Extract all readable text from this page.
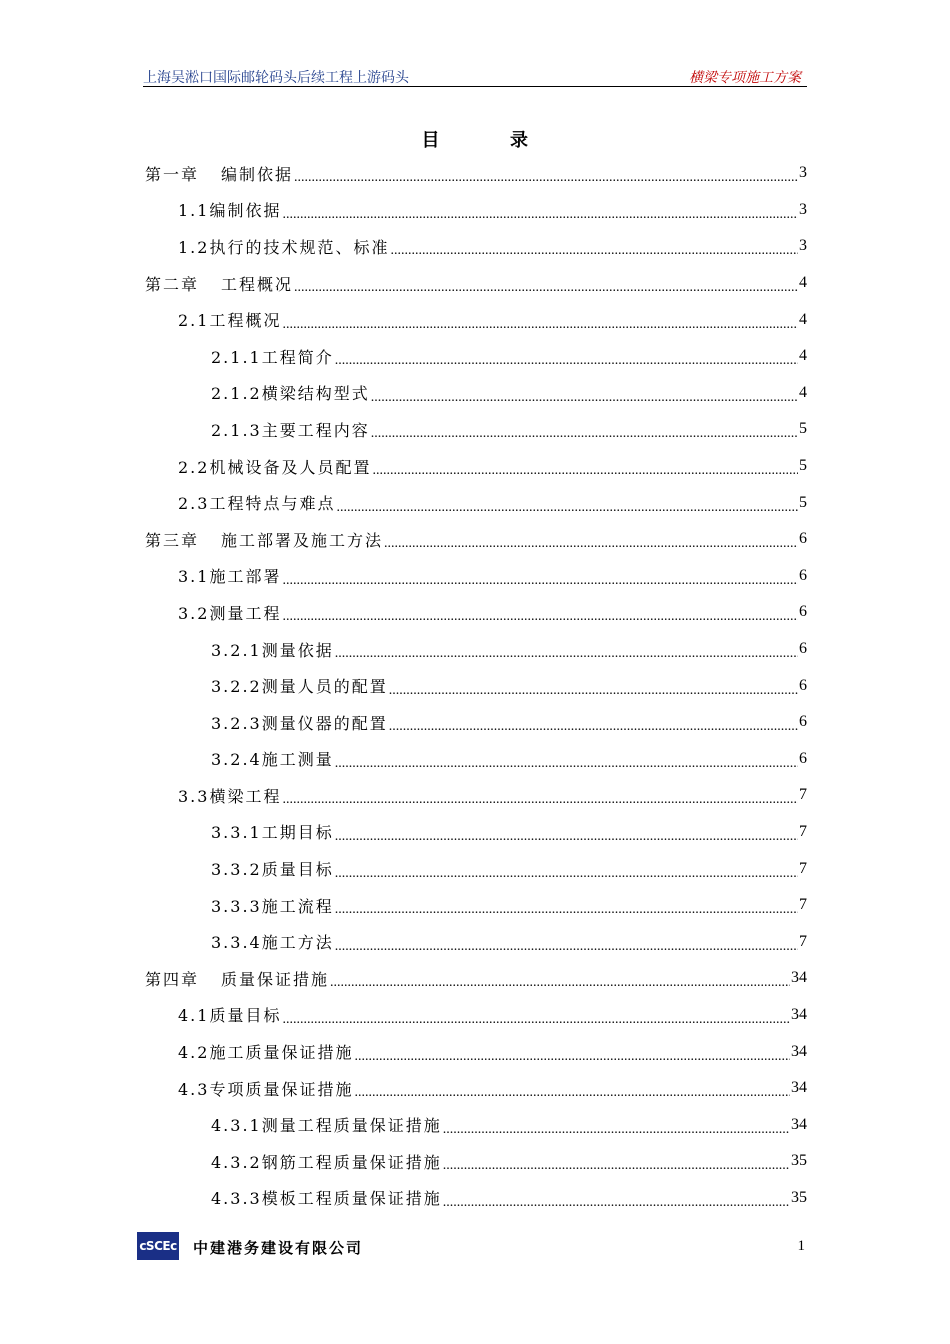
上海吴淞口国际邮轮码头后续工程上游码头	横梁专项施工方案
目	录
第一章 编制依据 .....	3
1.1编制依据 .....	3
1.2执行的技术规范、标准 .....	3
第二章 工程概况 .....	4
2.1工程概况 .....	4
2.1.1工程简介 .....	4
2.1.2横梁结构型式 .....	4
2.1.3主要工程内容 .....	5
2.2机械设备及人员配置 .....	5
2.3工程特点与难点 .....	5
第三章 施工部署及施工方法 .....	6
3.1施工部署 .....	6
3.2测量工程 .....	6
3.2.1测量依据 .....	6
3.2.2测量人员的配置 .....	6
3.2.3测量仪器的配置 .....	6
3.2.4施工测量 .....	6
3.3横梁工程 .....	7
3.3.1工期目标 .....	7
3.3.2质量目标 .....	7
3.3.3施工流程 .....	7
3.3.4施工方法 .....	7
第四章 质量保证措施 .....	34
4.1质量目标 .....	34
4.2施工质量保证措施 .....	34
4.3专项质量保证措施 .....	34
4.3.1测量工程质量保证措施 .....	34
4.3.2钢筋工程质量保证措施 .....	35
4.3.3模板工程质量保证措施 .....	35
cSCEc 中建港务建设有限公司	1
